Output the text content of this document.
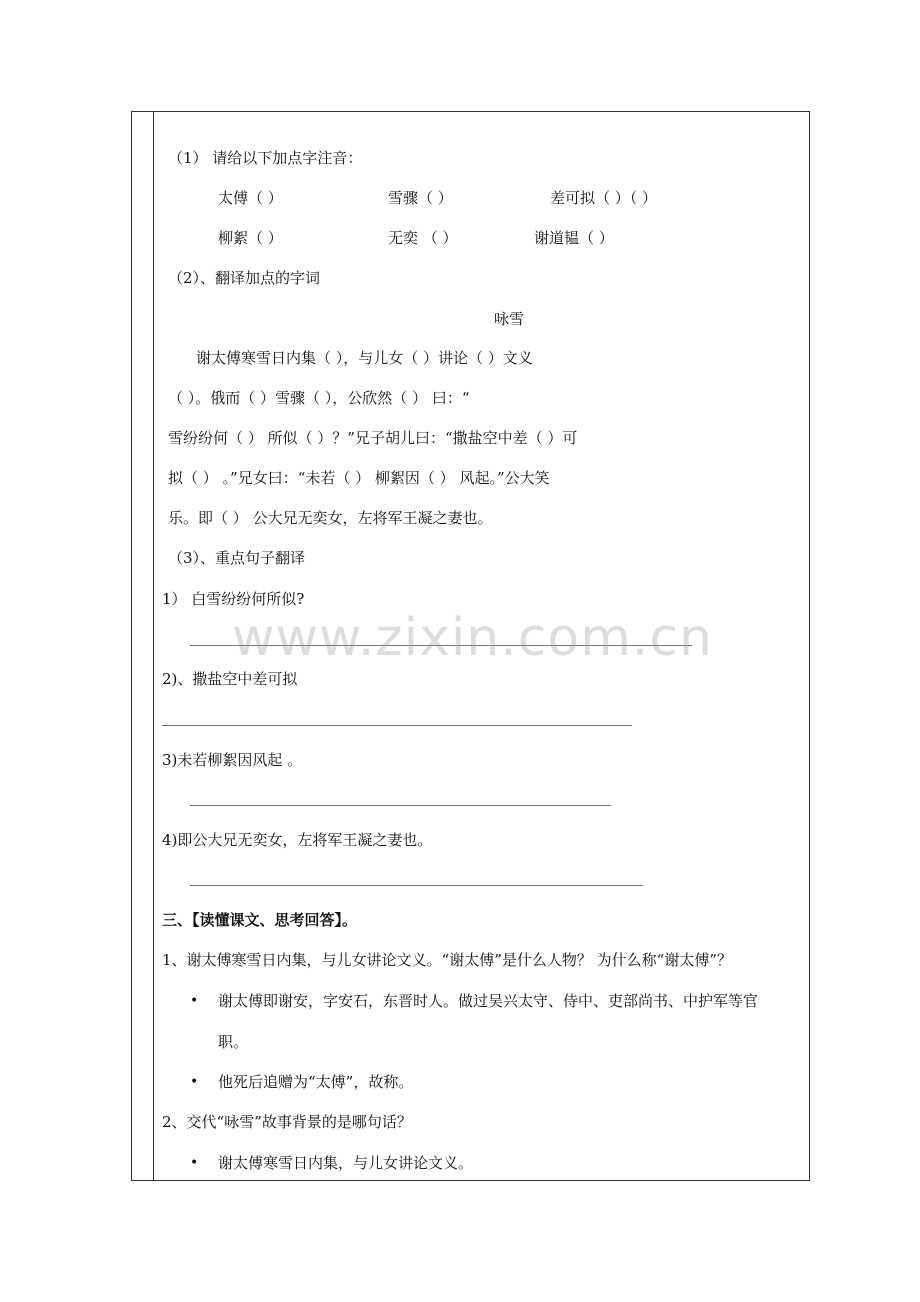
（1） 请给以下加点字注音：
太傅（ ）	雪骤（ ）	差可拟（ ）（ ）
柳絮（ ）	无奕 （ ）	谢道韫（ ）
（2）、翻译加点的字词
咏雪
谢太傅寒雪日内集（ ），与儿女（ ）讲论（ ）文义
（ ）。俄而（ ）雪骤（ ），公欣然（ ） 曰：“
雪纷纷何（ ） 所似（ ）？”兄子胡儿曰：“撒盐空中差（ ）可
拟（ ） 。”兄女曰：“未若（ ） 柳絮因（ ） 风起。”公大笑
乐。即（ ） 公大兄无奕女，左将军王凝之妻也。
（3）、重点句子翻译
1） 白雪纷纷何所似?
2)、撒盐空中差可拟
3)未若柳絮因风起 。
4)即公大兄无奕女，左将军王凝之妻也。
三、【读懂课文、思考回答】。
1、谢太傅寒雪日内集，与儿女讲论文义。“谢太傅”是什么人物？ 为什么称“谢太傅”？
• 谢太傅即谢安，字安石，东晋时人。做过吴兴太守、侍中、吏部尚书、中护军等官
职。
• 他死后追赠为“太傅”，故称。
2、交代“咏雪”故事背景的是哪句话？
• 谢太傅寒雪日内集，与儿女讲论文义。
www.zixin.com.cn
